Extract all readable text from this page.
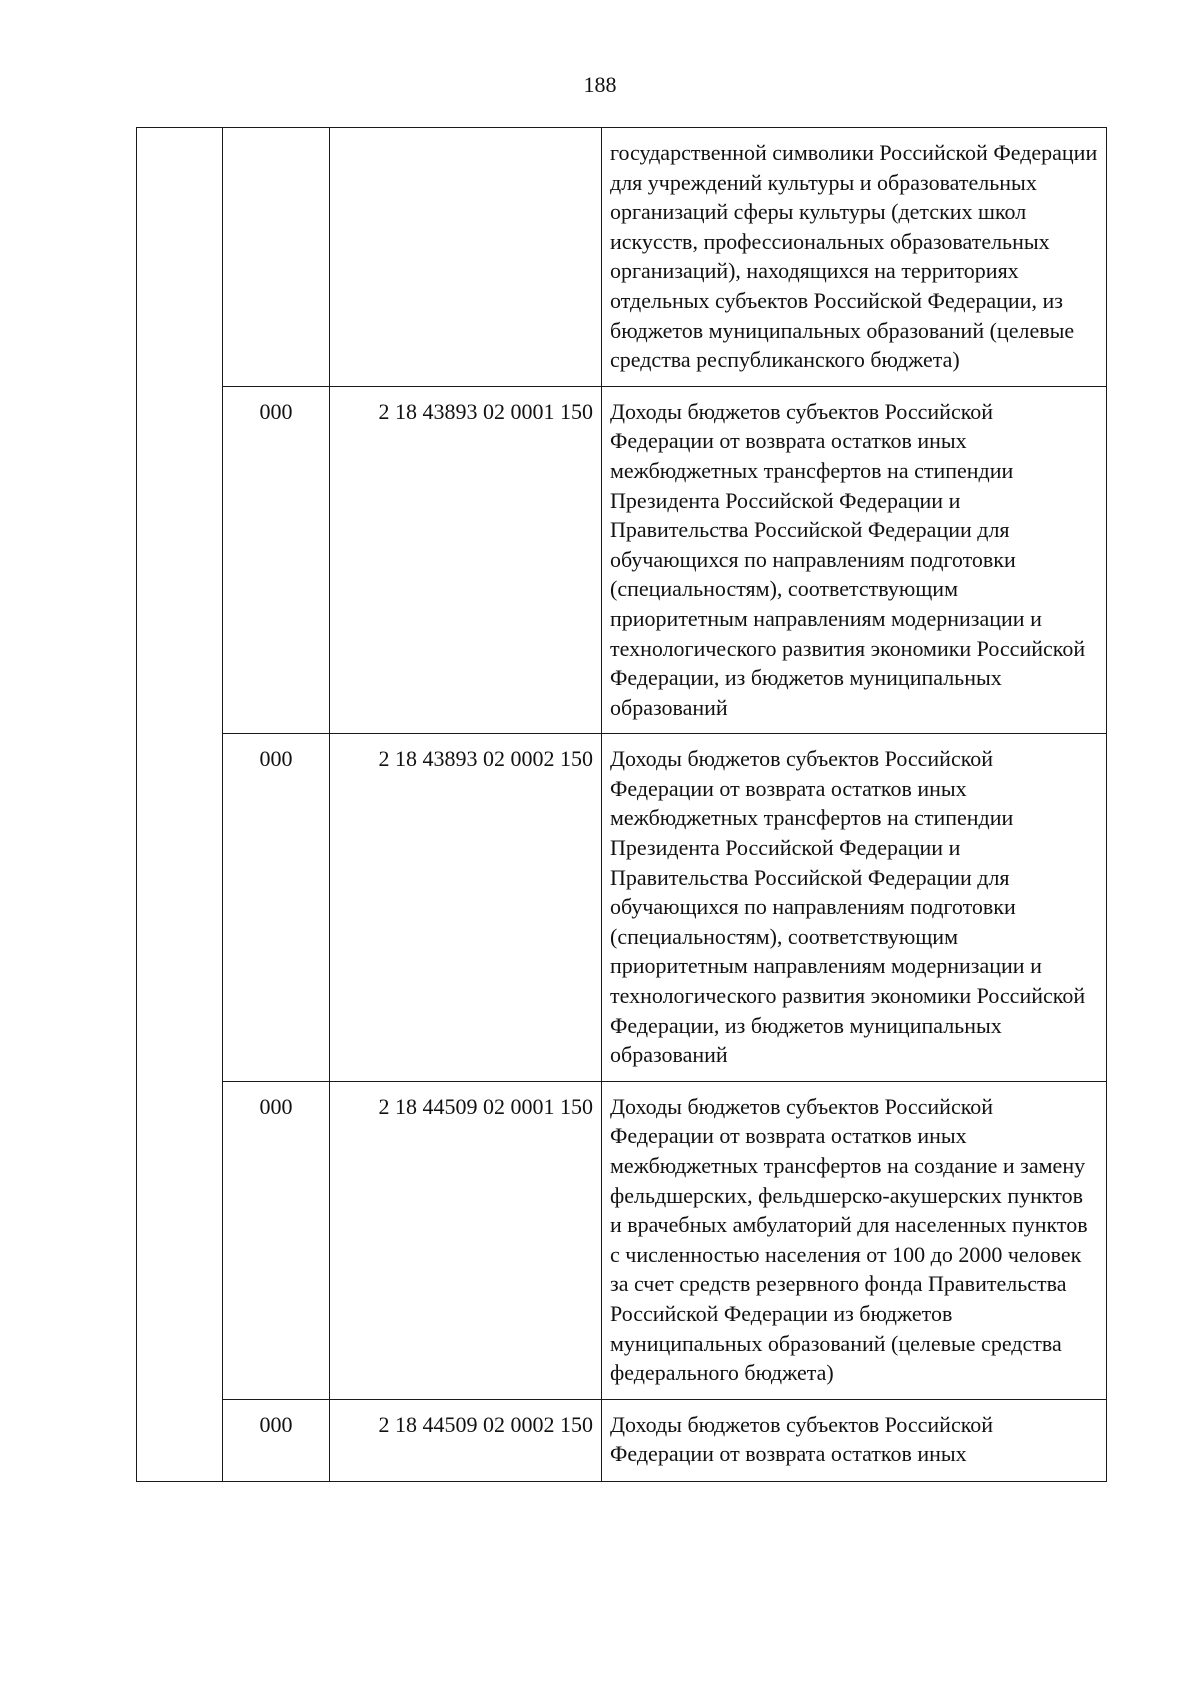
188
			государственной символики Российской Федерации для учреждений культуры и образовательных организаций сферы культуры (детских школ искусств, профессиональных образовательных организаций), находящихся на территориях отдельных субъектов Российской Федерации, из бюджетов муниципальных образований (целевые средства республиканского бюджета)
	000	2 18 43893 02 0001 150	Доходы бюджетов субъектов Российской Федерации от возврата остатков иных межбюджетных трансфертов на стипендии Президента Российской Федерации и Правительства Российской Федерации для обучающихся по направлениям подготовки (специальностям), соответствующим приоритетным направлениям модернизации и технологического развития экономики Российской Федерации, из бюджетов муниципальных образований
	000	2 18 43893 02 0002 150	Доходы бюджетов субъектов Российской Федерации от возврата остатков иных межбюджетных трансфертов на стипендии Президента Российской Федерации и Правительства Российской Федерации для обучающихся по направлениям подготовки (специальностям), соответствующим приоритетным направлениям модернизации и технологического развития экономики Российской Федерации, из бюджетов муниципальных образований
	000	2 18 44509 02 0001 150	Доходы бюджетов субъектов Российской Федерации от возврата остатков иных межбюджетных трансфертов на создание и замену фельдшерских, фельдшерско-акушерских пунктов и врачебных амбулаторий для населенных пунктов с численностью населения от 100 до 2000 человек за счет средств резервного фонда Правительства Российской Федерации из бюджетов муниципальных образований (целевые средства федерального бюджета)
	000	2 18 44509 02 0002 150	Доходы бюджетов субъектов Российской Федерации от возврата остатков иных
